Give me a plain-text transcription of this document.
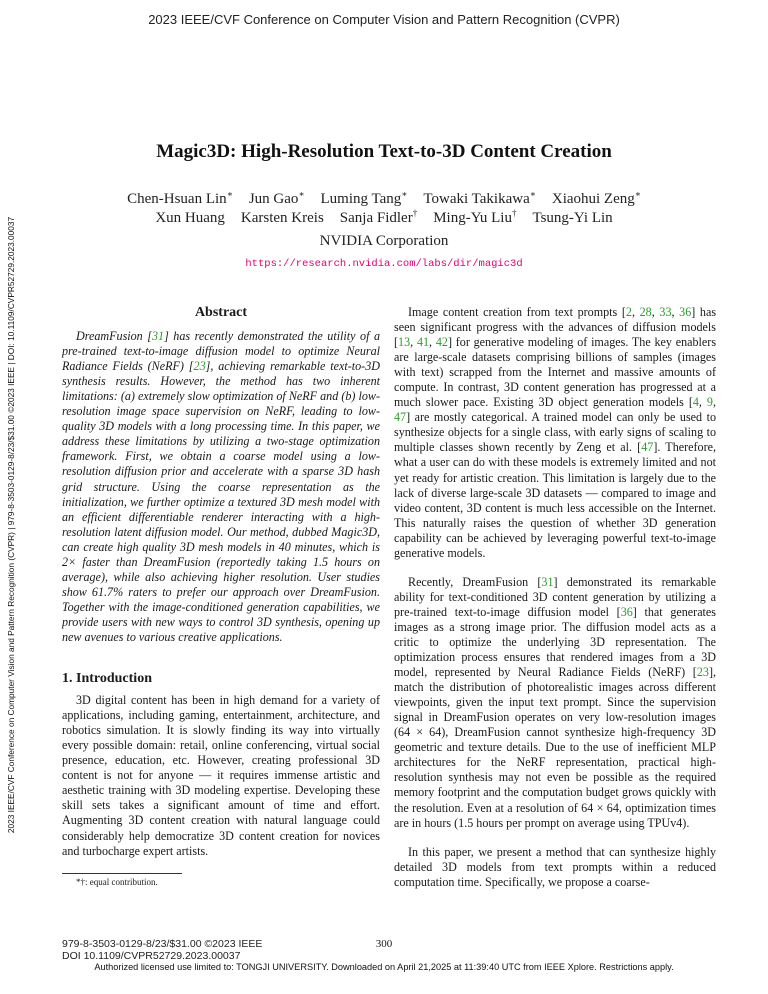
2023 IEEE/CVF Conference on Computer Vision and Pattern Recognition (CVPR)
2023 IEEE/CVF Conference on Computer Vision and Pattern Recognition (CVPR) | 979-8-3503-0129-8/23/$31.00 ©2023 IEEE | DOI: 10.1109/CVPR52729.2023.00037
Magic3D: High-Resolution Text-to-3D Content Creation
Chen-Hsuan Lin∗ Jun Gao∗ Luming Tang∗ Towaki Takikawa∗ Xiaohui Zeng∗
Xun Huang Karsten Kreis Sanja Fidler† Ming-Yu Liu† Tsung-Yi Lin
NVIDIA Corporation
https://research.nvidia.com/labs/dir/magic3d
Abstract

DreamFusion [31] has recently demonstrated the utility of a pre-trained text-to-image diffusion model to optimize Neural Radiance Fields (NeRF) [23], achieving remarkable text-to-3D synthesis results. However, the method has two inherent limitations: (a) extremely slow optimization of NeRF and (b) low-resolution image space supervision on NeRF, leading to low-quality 3D models with a long processing time. In this paper, we address these limitations by utilizing a two-stage optimization framework. First, we obtain a coarse model using a low-resolution diffusion prior and accelerate with a sparse 3D hash grid structure. Using the coarse representation as the initialization, we further optimize a textured 3D mesh model with an efficient differentiable renderer interacting with a high-resolution latent diffusion model. Our method, dubbed Magic3D, can create high quality 3D mesh models in 40 minutes, which is 2× faster than DreamFusion (reportedly taking 1.5 hours on average), while also achieving higher resolution. User studies show 61.7% raters to prefer our approach over DreamFusion. Together with the image-conditioned generation capabilities, we provide users with new ways to control 3D synthesis, opening up new avenues to various creative applications.

1. Introduction

3D digital content has been in high demand for a variety of applications, including gaming, entertainment, architecture, and robotics simulation. It is slowly finding its way into virtually every possible domain: retail, online conferencing, virtual social presence, education, etc. However, creating professional 3D content is not for anyone — it requires immense artistic and aesthetic training with 3D modeling expertise. Developing these skill sets takes a significant amount of time and effort. Augmenting 3D content creation with natural language could considerably help democratize 3D content creation for novices and turbocharge expert artists.

*†: equal contribution.

Image content creation from text prompts [2, 28, 33, 36] has seen significant progress with the advances of diffusion models [13, 41, 42] for generative modeling of images. The key enablers are large-scale datasets comprising billions of samples (images with text) scrapped from the Internet and massive amounts of compute. In contrast, 3D content generation has progressed at a much slower pace. Existing 3D object generation models [4, 9, 47] are mostly categorical. A trained model can only be used to synthesize objects for a single class, with early signs of scaling to multiple classes shown recently by Zeng et al. [47]. Therefore, what a user can do with these models is extremely limited and not yet ready for artistic creation. This limitation is largely due to the lack of diverse large-scale 3D datasets — compared to image and video content, 3D content is much less accessible on the Internet. This naturally raises the question of whether 3D generation capability can be achieved by leveraging powerful text-to-image generative models.

Recently, DreamFusion [31] demonstrated its remarkable ability for text-conditioned 3D content generation by utilizing a pre-trained text-to-image diffusion model [36] that generates images as a strong image prior. The diffusion model acts as a critic to optimize the underlying 3D representation. The optimization process ensures that rendered images from a 3D model, represented by Neural Radiance Fields (NeRF) [23], match the distribution of photorealistic images across different viewpoints, given the input text prompt. Since the supervision signal in DreamFusion operates on very low-resolution images (64 × 64), DreamFusion cannot synthesize high-frequency 3D geometric and texture details. Due to the use of inefficient MLP architectures for the NeRF representation, practical high-resolution synthesis may not even be possible as the required memory footprint and the computation budget grows quickly with the resolution. Even at a resolution of 64 × 64, optimization times are in hours (1.5 hours per prompt on average using TPUv4).

In this paper, we present a method that can synthesize highly detailed 3D models from text prompts within a reduced computation time. Specifically, we propose a coarse-

979-8-3503-0129-8/23/$31.00 ©2023 IEEE
DOI 10.1109/CVPR52729.2023.00037
300
Authorized licensed use limited to: TONGJI UNIVERSITY. Downloaded on April 21,2025 at 11:39:40 UTC from IEEE Xplore. Restrictions apply.
